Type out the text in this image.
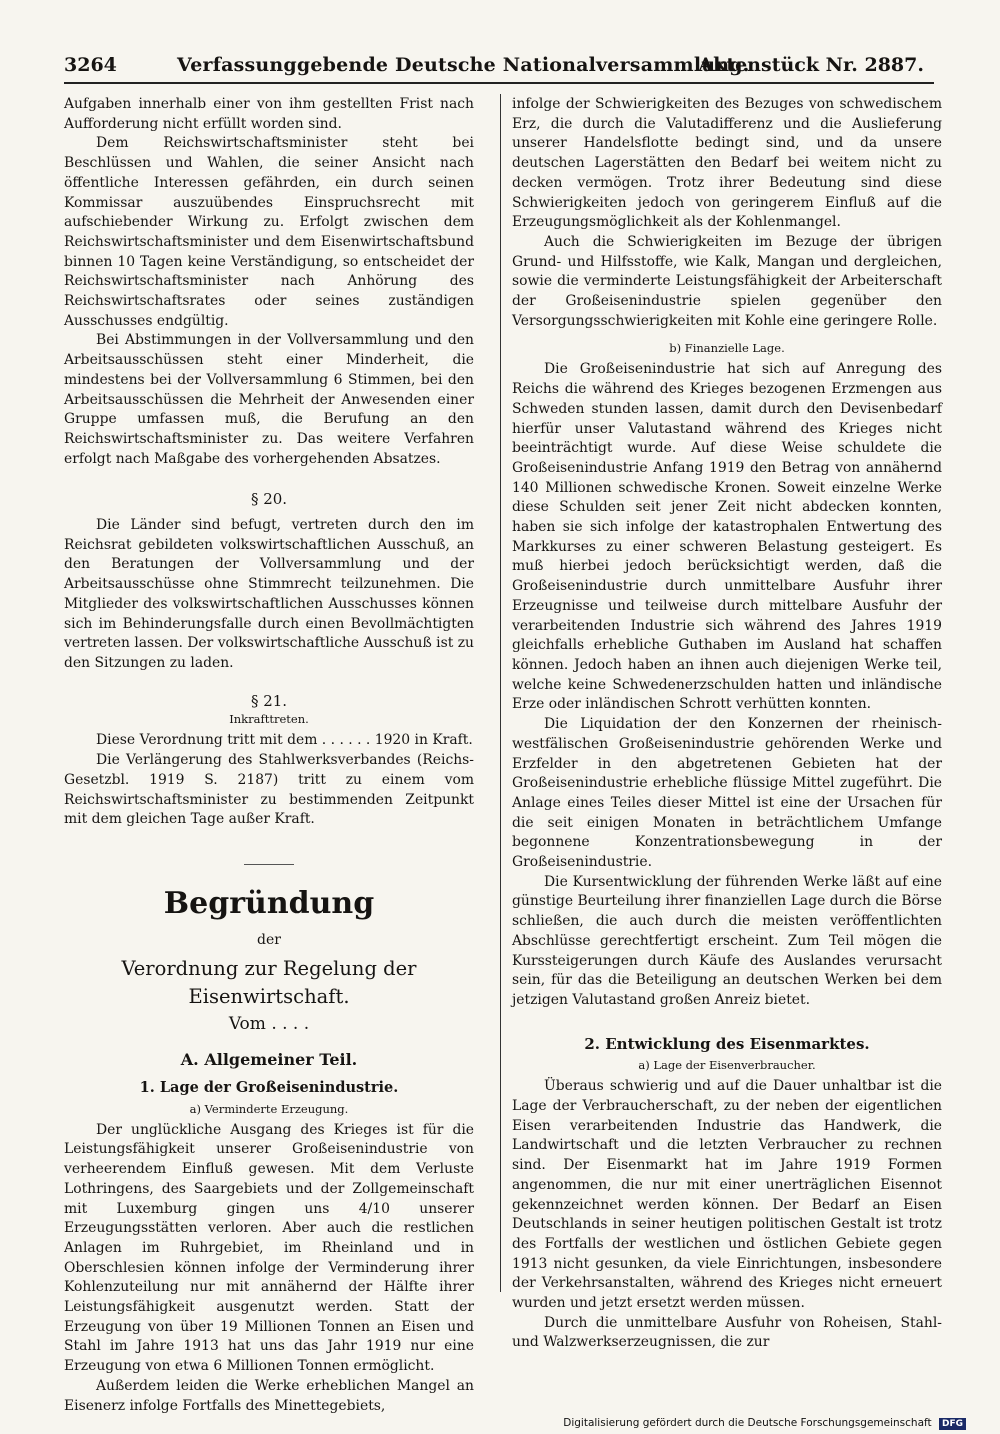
3264	Verfassunggebende Deutsche Nationalversammlung.
Aktenstück Nr. 2887.

Aufgaben innerhalb einer von ihm gestellten Frist nach Aufforderung nicht erfüllt worden sind.

Dem Reichswirtschaftsminister steht bei Beschlüssen und Wahlen, die seiner Ansicht nach öffentliche Interessen gefährden, ein durch seinen Kommissar auszuübendes Einspruchsrecht mit aufschiebender Wirkung zu. Erfolgt zwischen dem Reichswirtschaftsminister und dem Eisenwirtschaftsbund binnen 10 Tagen keine Verständigung, so entscheidet der Reichswirtschaftsminister nach Anhörung des Reichswirtschaftsrates oder seines zuständigen Ausschusses endgültig.

Bei Abstimmungen in der Vollversammlung und den Arbeitsausschüssen steht einer Minderheit, die mindestens bei der Vollversammlung 6 Stimmen, bei den Arbeitsausschüssen die Mehrheit der Anwesenden einer Gruppe umfassen muß, die Berufung an den Reichswirtschaftsminister zu. Das weitere Verfahren erfolgt nach Maßgabe des vorhergehenden Absatzes.

§ 20.

Die Länder sind befugt, vertreten durch den im Reichsrat gebildeten volkswirtschaftlichen Ausschuß, an den Beratungen der Vollversammlung und der Arbeitsausschüsse ohne Stimmrecht teilzunehmen. Die Mitglieder des volkswirtschaftlichen Ausschusses können sich im Behinderungsfalle durch einen Bevollmächtigten vertreten lassen. Der volkswirtschaftliche Ausschuß ist zu den Sitzungen zu laden.

§ 21.
Inkrafttreten.

Diese Verordnung tritt mit dem . . . . . . 1920 in Kraft.

Die Verlängerung des Stahlwerksverbandes (Reichs-Gesetzbl. 1919 S. 2187) tritt zu einem vom Reichswirtschaftsminister zu bestimmenden Zeitpunkt mit dem gleichen Tage außer Kraft.

Begründung
der
Verordnung zur Regelung der Eisenwirtschaft.
Vom . . . .
A. Allgemeiner Teil.
1. Lage der Großeisenindustrie.
a) Verminderte Erzeugung.

Der unglückliche Ausgang des Krieges ist für die Leistungsfähigkeit unserer Großeisenindustrie von verheerendem Einfluß gewesen. Mit dem Verluste Lothringens, des Saargebiets und der Zollgemeinschaft mit Luxemburg gingen uns 4/10 unserer Erzeugungsstätten verloren. Aber auch die restlichen Anlagen im Ruhrgebiet, im Rheinland und in Oberschlesien können infolge der Verminderung ihrer Kohlenzuteilung nur mit annähernd der Hälfte ihrer Leistungsfähigkeit ausgenutzt werden. Statt der Erzeugung von über 19 Millionen Tonnen an Eisen und Stahl im Jahre 1913 hat uns das Jahr 1919 nur eine Erzeugung von etwa 6 Millionen Tonnen ermöglicht.

Außerdem leiden die Werke erheblichen Mangel an Eisenerz infolge Fortfalls des Minettegebiets,

infolge der Schwierigkeiten des Bezuges von schwedischem Erz, die durch die Valutadifferenz und die Auslieferung unserer Handelsflotte bedingt sind, und da unsere deutschen Lagerstätten den Bedarf bei weitem nicht zu decken vermögen. Trotz ihrer Bedeutung sind diese Schwierigkeiten jedoch von geringerem Einfluß auf die Erzeugungsmöglichkeit als der Kohlenmangel.

Auch die Schwierigkeiten im Bezuge der übrigen Grund- und Hilfsstoffe, wie Kalk, Mangan und dergleichen, sowie die verminderte Leistungsfähigkeit der Arbeiterschaft der Großeisenindustrie spielen gegenüber den Versorgungsschwierigkeiten mit Kohle eine geringere Rolle.

b) Finanzielle Lage.

Die Großeisenindustrie hat sich auf Anregung des Reichs die während des Krieges bezogenen Erzmengen aus Schweden stunden lassen, damit durch den Devisenbedarf hierfür unser Valutastand während des Krieges nicht beeinträchtigt wurde. Auf diese Weise schuldete die Großeisenindustrie Anfang 1919 den Betrag von annähernd 140 Millionen schwedische Kronen. Soweit einzelne Werke diese Schulden seit jener Zeit nicht abdecken konnten, haben sie sich infolge der katastrophalen Entwertung des Markkurses zu einer schweren Belastung gesteigert. Es muß hierbei jedoch berücksichtigt werden, daß die Großeisenindustrie durch unmittelbare Ausfuhr ihrer Erzeugnisse und teilweise durch mittelbare Ausfuhr der verarbeitenden Industrie sich während des Jahres 1919 gleichfalls erhebliche Guthaben im Ausland hat schaffen können. Jedoch haben an ihnen auch diejenigen Werke teil, welche keine Schwedenerzschulden hatten und inländische Erze oder inländischen Schrott verhütten konnten.

Die Liquidation der den Konzernen der rheinisch-westfälischen Großeisenindustrie gehörenden Werke und Erzfelder in den abgetretenen Gebieten hat der Großeisenindustrie erhebliche flüssige Mittel zugeführt. Die Anlage eines Teiles dieser Mittel ist eine der Ursachen für die seit einigen Monaten in beträchtlichem Umfange begonnene Konzentrationsbewegung in der Großeisenindustrie.

Die Kursentwicklung der führenden Werke läßt auf eine günstige Beurteilung ihrer finanziellen Lage durch die Börse schließen, die auch durch die meisten veröffentlichten Abschlüsse gerechtfertigt erscheint. Zum Teil mögen die Kurssteigerungen durch Käufe des Auslandes verursacht sein, für das die Beteiligung an deutschen Werken bei dem jetzigen Valutastand großen Anreiz bietet.

2. Entwicklung des Eisenmarktes.
a) Lage der Eisenverbraucher.

Überaus schwierig und auf die Dauer unhaltbar ist die Lage der Verbraucherschaft, zu der neben der eigentlichen Eisen verarbeitenden Industrie das Handwerk, die Landwirtschaft und die letzten Verbraucher zu rechnen sind. Der Eisenmarkt hat im Jahre 1919 Formen angenommen, die nur mit einer unerträglichen Eisennot gekennzeichnet werden können. Der Bedarf an Eisen Deutschlands in seiner heutigen politischen Gestalt ist trotz des Fortfalls der westlichen und östlichen Gebiete gegen 1913 nicht gesunken, da viele Einrichtungen, insbesondere der Verkehrsanstalten, während des Krieges nicht erneuert wurden und jetzt ersetzt werden müssen.

Durch die unmittelbare Ausfuhr von Roheisen, Stahl- und Walzwerkserzeugnissen, die zur

Digitalisierung gefördert durch die Deutsche Forschungsgemeinschaft DFG
